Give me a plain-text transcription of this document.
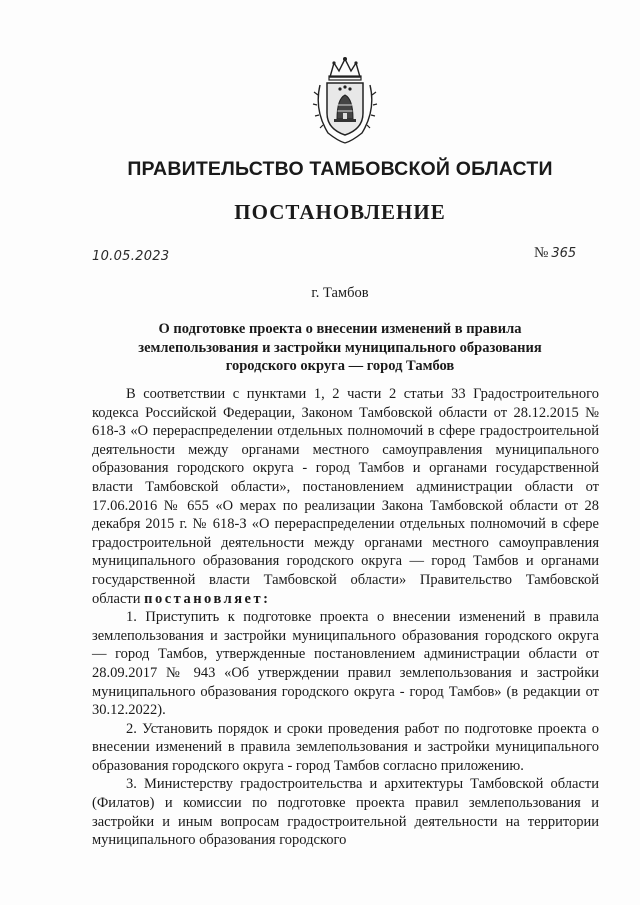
ПРАВИТЕЛЬСТВО ТАМБОВСКОЙ ОБЛАСТИ
ПОСТАНОВЛЕНИЕ
10.05.2023	№ 365
г. Тамбов
О подготовке проекта о внесении изменений в правила
землепользования и застройки муниципального образования
городского округа — город Тамбов

В соответствии с пунктами 1, 2 части 2 статьи 33 Градостроительного кодекса Российской Федерации, Законом Тамбовской области от 28.12.2015 № 618-З «О перераспределении отдельных полномочий в сфере градостроительной деятельности между органами местного самоуправления муниципального образования городского округа - город Тамбов и органами государственной власти Тамбовской области», постановлением администрации области от 17.06.2016 № 655 «О мерах по реализации Закона Тамбовской области от 28 декабря 2015 г. № 618-З «О перераспределении отдельных полномочий в сфере градостроительной деятельности между органами местного самоуправления муниципального образования городского округа — город Тамбов и органами государственной власти Тамбовской области» Правительство Тамбовской области постановляет:

1. Приступить к подготовке проекта о внесении изменений в правила землепользования и застройки муниципального образования городского округа — город Тамбов, утвержденные постановлением администрации области от 28.09.2017 № 943 «Об утверждении правил землепользования и застройки муниципального образования городского округа - город Тамбов» (в редакции от 30.12.2022).

2. Установить порядок и сроки проведения работ по подготовке проекта о внесении изменений в правила землепользования и застройки муниципального образования городского округа - город Тамбов согласно приложению.

3. Министерству градостроительства и архитектуры Тамбовской области (Филатов) и комиссии по подготовке проекта правил землепользования и застройки и иным вопросам градостроительной деятельности на территории муниципального образования городского
